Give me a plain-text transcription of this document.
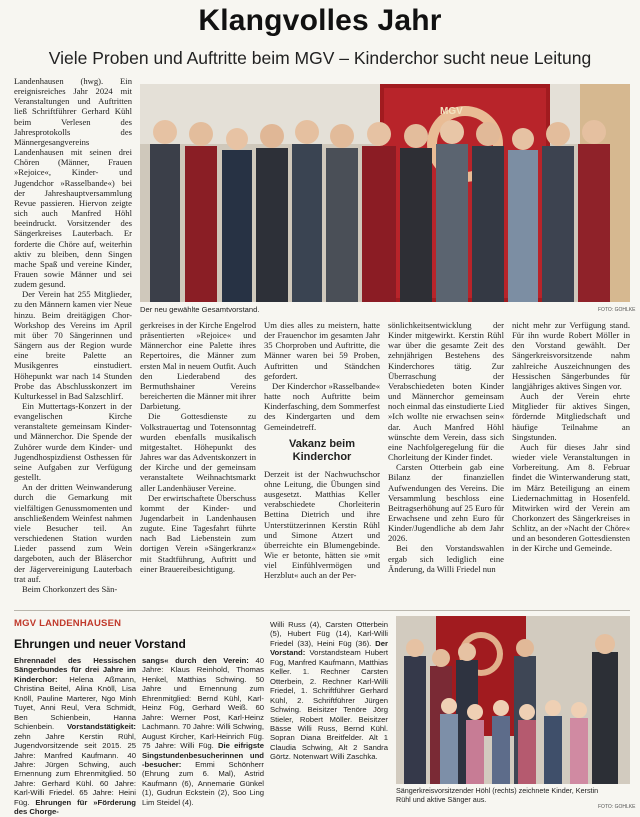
Klangvolles Jahr
Viele Proben und Auftritte beim MGV – Kinderchor sucht neue Leitung

Landenhausen (hwg). Ein ereignisreiches Jahr 2024 mit Veranstaltungen und Auftritten ließ Schriftführer Gerhard Kühl beim Verlesen des Jahresprotokolls des Männergesangvereins Landenhausen mit seinen drei Chören (Männer, Frauen »Rejoice«, Kinder- und Jugendchor »Rasselbande«) bei der Jahreshauptversammlung Revue passieren. Hiervon zeigte sich auch Manfred Höhl beeindruckt. Vorsitzender des Sängerkreises Lauterbach. Er forderte die Chöre auf, weiterhin aktiv zu bleiben, denn Singen mache Spaß und vereine Kinder, Frauen sowie Männer und sei zudem gesund.

Der Verein hat 255 Mitglieder, zu den Männern kamen vier Neue hinzu. Beim dreitägigen Chor-Workshop des Vereins im April mit über 70 Sängerinnen und Sängern aus der Region wurde eine breite Palette an Musikgenres einstudiert. Höhepunkt war nach 14 Stunden Probe das Abschlusskonzert im Kulturkessel in Bad Salzschlirf.

Ein Muttertags-Konzert in der evangelischen Kirche veranstaltete gemeinsam Kinder- und Männerchor. Die Spende der Zuhörer wurde dem Kinder- und Jugendhospizdienst Osthessen für seine Aufgaben zur Verfügung gestellt.

An der dritten Weinwanderung durch die Gemarkung mit vielfältigen Genussmomenten und anschließendem Weinfest nahmen viele Besucher teil. An verschiedenen Station wurden Lieder passend zum Wein dargeboten, auch der Bläserchor der Jägervereinigung Lauterbach trat auf.

Beim Chorkonzert des Sän-

MGV
Der neu gewählte Gesamtvorstand.	FOTO: GOHLKE

gerkreises in der Kirche Engelrod präsentierten »Rejoice« und Männerchor eine Palette ihres Repertoires, die Männer zum ersten Mal in neuem Outfit. Auch den Liederabend des Bermuthshainer Vereins bereicherten die Männer mit ihrer Darbietung.

Die Gottesdienste zu Volkstrauertag und Totensonntag wurden ebenfalls musikalisch mitgestaltet. Höhepunkt des Jahres war das Adventskonzert in der Kirche und der gemeinsam veranstaltete Weihnachtsmarkt aller Landenhäuser Vereine.

Der erwirtschaftete Überschuss kommt der Kinder- und Jugendarbeit in Landenhausen zugute. Eine Tagesfahrt führte nach Bad Liebenstein zum dortigen Verein »Sängerkranz« mit Stadtführung, Auftritt und einer Brauereibesichtigung.

Um dies alles zu meistern, hatte der Frauenchor im gesamten Jahr 35 Chorproben und Auftritte, die Männer waren bei 59 Proben, Auftritten und Ständchen gefordert.

Der Kinderchor »Rasselbande« hatte noch Auftritte beim Kinderfasching, dem Sommerfest des Kindergarten und dem Gemeindetreff.

Vakanz beim Kinderchor

Derzeit ist der Nachwuchschor ohne Leitung, die Übungen sind ausgesetzt. Matthias Keller verabschiedete Chorleiterin Bettina Dietrich und ihre Unterstützerinnen Kerstin Rühl und Simone Atzert und überreichte ein Blumengebinde. Wie er betonte, hätten sie »mit viel Einfühlvermögen und Herzblut« auch an der Per-

sönlichkeitsentwicklung der Kinder mitgewirkt. Kerstin Rühl war über die gesamte Zeit des zehnjährigen Bestehens des Kinderchores tätig. Zur Überraschung der Verabschiedeten boten Kinder und Männerchor gemeinsam noch einmal das einstudierte Lied »Ich wollte nie erwachsen sein« dar. Auch Manfred Höhl wünschte dem Verein, dass sich eine Nachfolgeregelung für die Chorleitung der Kinder findet.

Carsten Otterbein gab eine Bilanz der finanziellen Aufwendungen des Vereins. Die Versammlung beschloss eine Beitragserhöhung auf 25 Euro für Erwachsene und zehn Euro für Kinder/Jugendliche ab dem Jahr 2026.

Bei den Vorstandswahlen ergab sich lediglich eine Änderung, da Willi Friedel nun

nicht mehr zur Verfügung stand. Für ihn wurde Robert Möller in den Vorstand gewählt. Der Sängerkreisvorsitzende nahm zahlreiche Auszeichnungen des Hessischen Sängerbundes für langjähriges aktives Singen vor.

Auch der Verein ehrte Mitglieder für aktives Singen, fördernde Mitgliedschaft und häufige Teilnahme an Singstunden.

Auch für dieses Jahr sind wieder viele Veranstaltungen in Vorbereitung. Am 8. Februar findet die Winterwanderung statt, im März Beteiligung an einem Liedernachmittag in Hosenfeld. Mitwirken wird der Verein am Chorkonzert des Sängerkreises in Schlitz, an der »Nacht der Chöre« und an besonderen Gottesdiensten in der Kirche und Gemeinde.

MGV LANDENHAUSEN
Ehrungen und neuer Vorstand
Ehrennadel des Hessischen Sängerbundes für drei Jahre im Kinderchor: Helena Aßmann, Christina Beitel, Alina Knöll, Lisa Knöll, Pauline Marterer, Ngo Minh Tuyet, Anni Reul, Vera Schmidt, Ben Schienbein, Hanna Schienbein. Vorstandstätigkeit: zehn Jahre Kerstin Rühl, Jugendvorsitzende seit 2015. 25 Jahre: Manfred Kaufmann. 40 Jahre: Jürgen Schwing, auch Ernennung zum Ehrenmitglied. 50 Jahre: Gerhard Kühl. 60 Jahre: Karl-Willi Friedel. 65 Jahre: Heini Füg. Ehrungen für »Förderung des Chorge-
sangs« durch den Verein: 40 Jahre: Klaus Reinhold, Thomas Henkel, Matthias Schwing. 50 Jahre und Ernennung zum Ehrenmitglied: Bernd Kühl, Karl-Heinz Füg, Gerhard Weiß. 60 Jahre: Werner Post, Karl-Heinz Lachmann. 70 Jahre: Willi Schwing, August Kircher, Karl-Heinrich Füg. 75 Jahre: Willi Füg. Die eifrigste Singstundenbesucherinnen und -besucher: Emmi Schönherr (Ehrung zum 6. Mal), Astrid Kaufmann (6), Annemarie Günkel (1), Gudrun Eckstein (2), Soo Ling Lim Steidel (4).
Willi Russ (4), Carsten Otterbein (5), Hubert Füg (14), Karl-Willi Friedel (33), Heini Füg (36). Der Vorstand: Vorstandsteam Hubert Füg, Manfred Kaufmann, Matthias Keller. 1. Rechner Carsten Otterbein, 2. Rechner Karl-Willi Friedel, 1. Schriftführer Gerhard Kühl, 2. Schriftführer Jürgen Schwing. Beisitzer Tenöre Jörg Stieler, Robert Möller. Beisitzer Bässe Willi Russ, Bernd Kühl. Sopran Diana Breitfelder. Alt 1 Claudia Schwing, Alt 2 Sandra Görtz. Notenwart Willi Zaschka.
Sängerkreisvorsitzender Höhl (rechts) zeichnete Kinder, Kerstin Rühl und aktive Sänger aus.
FOTO: GOHLKE
